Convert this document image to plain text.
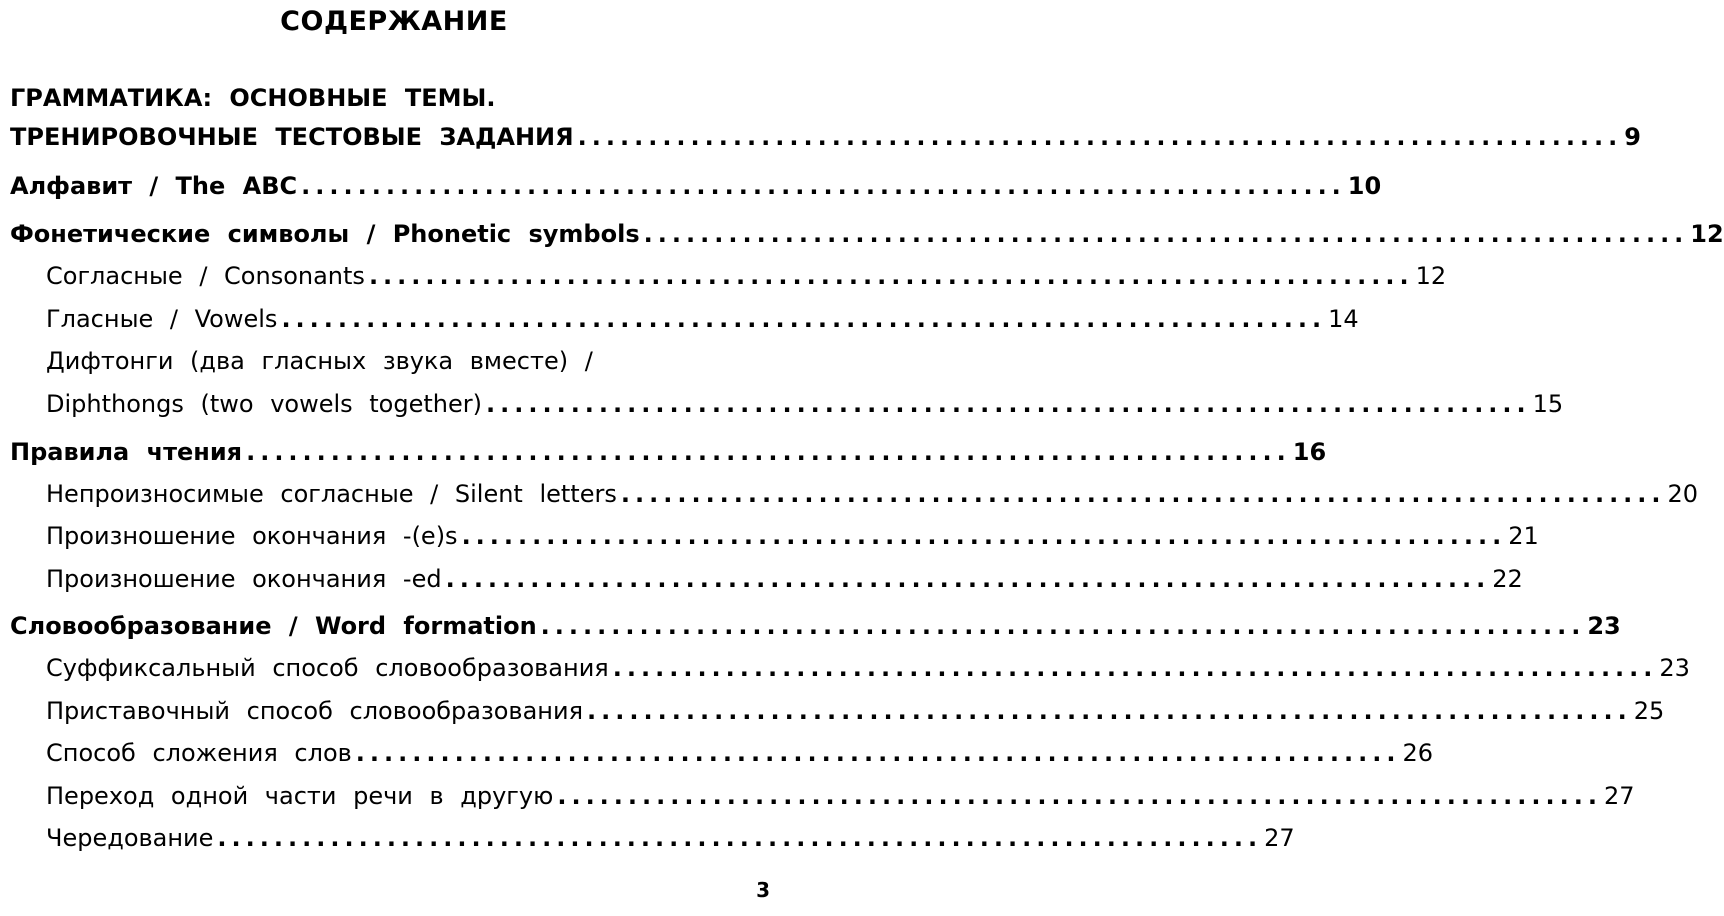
СОДЕРЖАНИЕ
ГРАММАТИКА: ОСНОВНЫЕ ТЕМЫ.
ТРЕНИРОВОЧНЫЕ ТЕСТОВЫЕ ЗАДАНИЯ .......................................................................... 9
Алфавит / The ABC .......................................................................... 10
Фонетические символы / Phonetic symbols .......................................................................... 12
Согласные / Consonants .......................................................................... 12
Гласные / Vowels .......................................................................... 14
Дифтонги (два гласных звука вместе) /
Diphthongs (two vowels together) .......................................................................... 15
Правила чтения .......................................................................... 16
Непроизносимые согласные / Silent letters .......................................................................... 20
Произношение окончания -(e)s .......................................................................... 21
Произношение окончания -ed .......................................................................... 22
Словообразование / Word formation .......................................................................... 23
Суффиксальный способ словообразования .......................................................................... 23
Приставочный способ словообразования .......................................................................... 25
Способ сложения слов .......................................................................... 26
Переход одной части речи в другую .......................................................................... 27
Чередование .......................................................................... 27
3
